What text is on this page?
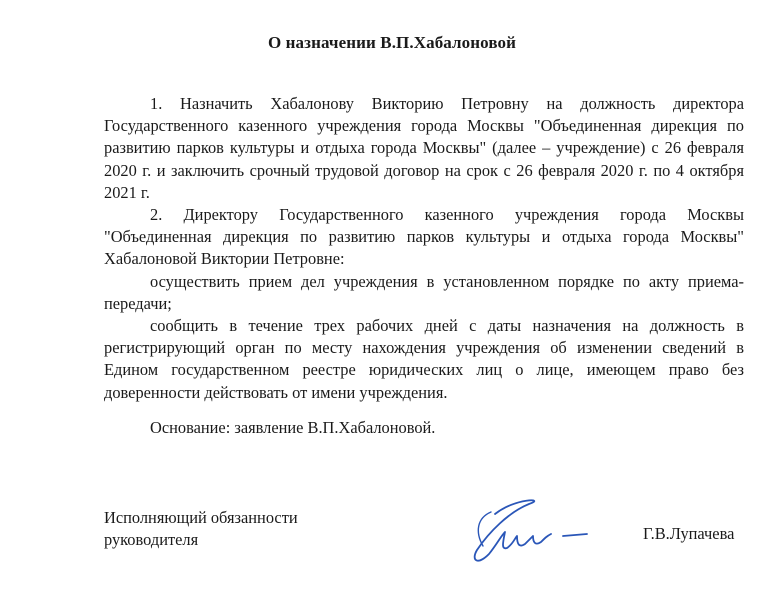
О назначении В.П.Хабалоновой

1. Назначить Хабалонову Викторию Петровну на должность директора Государственного казенного учреждения города Москвы "Объединенная дирекция по развитию парков культуры и отдыха города Москвы" (далее – учреждение) с 26 февраля 2020 г. и заключить срочный трудовой договор на срок с 26 февраля 2020 г. по 4 октября 2021 г.

2. Директору Государственного казенного учреждения города Москвы "Объединенная дирекция по развитию парков культуры и отдыха города Москвы" Хабалоновой Виктории Петровне:

осуществить прием дел учреждения в установленном порядке по акту приема-передачи;

сообщить в течение трех рабочих дней с даты назначения на должность в регистрирующий орган по месту нахождения учреждения об изменении сведений в Едином государственном реестре юридических лиц о лице, имеющем право без доверенности действовать от имени учреждения.

Основание: заявление В.П.Хабалоновой.
Исполняющий обязанности
руководителя	Г.В.Лупачева
